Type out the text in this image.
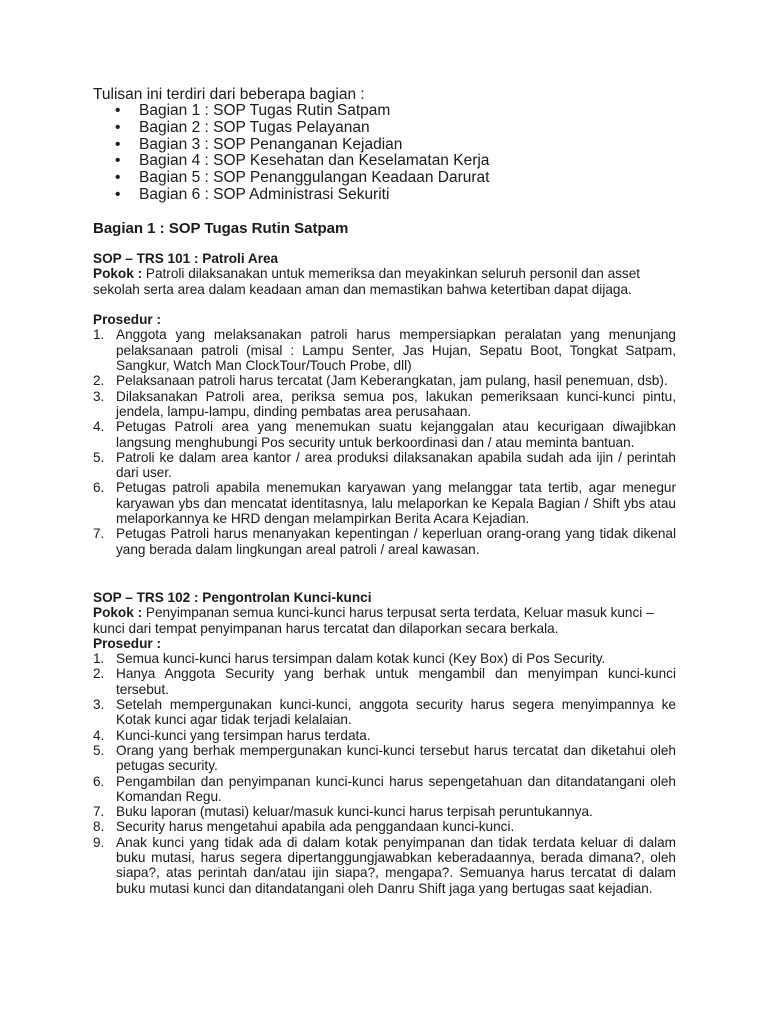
Tulisan ini terdiri dari beberapa bagian :

• Bagian 1 : SOP Tugas Rutin Satpam
• Bagian 2 : SOP Tugas Pelayanan
• Bagian 3 : SOP Penanganan Kejadian
• Bagian 4 : SOP Kesehatan dan Keselamatan Kerja
• Bagian 5 : SOP Penanggulangan Keadaan Darurat
• Bagian 6 : SOP Administrasi Sekuriti
Bagian 1 : SOP Tugas Rutin Satpam

SOP – TRS 101 : Patroli Area

Pokok : Patroli dilaksanakan untuk memeriksa dan meyakinkan seluruh personil dan asset sekolah serta area dalam keadaan aman dan memastikan bahwa ketertiban dapat dijaga.

Prosedur :

1. Anggota yang melaksanakan patroli harus mempersiapkan peralatan yang menunjang pelaksanaan patroli (misal : Lampu Senter, Jas Hujan, Sepatu Boot, Tongkat Satpam, Sangkur, Watch Man ClockTour/Touch Probe, dll)
2. Pelaksanaan patroli harus tercatat (Jam Keberangkatan, jam pulang, hasil penemuan, dsb).
3. Dilaksanakan Patroli area, periksa semua pos, lakukan pemeriksaan kunci-kunci pintu, jendela, lampu-lampu, dinding pembatas area perusahaan.
4. Petugas Patroli area yang menemukan suatu kejanggalan atau kecurigaan diwajibkan langsung menghubungi Pos security untuk berkoordinasi dan / atau meminta bantuan.
5. Patroli ke dalam area kantor / area produksi dilaksanakan apabila sudah ada ijin / perintah dari user.
6. Petugas patroli apabila menemukan karyawan yang melanggar tata tertib, agar menegur karyawan ybs dan mencatat identitasnya, lalu melaporkan ke Kepala Bagian / Shift ybs atau melaporkannya ke HRD dengan melampirkan Berita Acara Kejadian.
7. Petugas Patroli harus menanyakan kepentingan / keperluan orang-orang yang tidak dikenal yang berada dalam lingkungan areal patroli / areal kawasan.

SOP – TRS 102 : Pengontrolan Kunci-kunci

Pokok : Penyimpanan semua kunci-kunci harus terpusat serta terdata, Keluar masuk kunci – kunci dari tempat penyimpanan harus tercatat dan dilaporkan secara berkala.

Prosedur :

1. Semua kunci-kunci harus tersimpan dalam kotak kunci (Key Box) di Pos Security.
2. Hanya Anggota Security yang berhak untuk mengambil dan menyimpan kunci-kunci tersebut.
3. Setelah mempergunakan kunci-kunci, anggota security harus segera menyimpannya ke Kotak kunci agar tidak terjadi kelalaian.
4. Kunci-kunci yang tersimpan harus terdata.
5. Orang yang berhak mempergunakan kunci-kunci tersebut harus tercatat dan diketahui oleh petugas security.
6. Pengambilan dan penyimpanan kunci-kunci harus sepengetahuan dan ditandatangani oleh Komandan Regu.
7. Buku laporan (mutasi) keluar/masuk kunci-kunci harus terpisah peruntukannya.
8. Security harus mengetahui apabila ada penggandaan kunci-kunci.
9. Anak kunci yang tidak ada di dalam kotak penyimpanan dan tidak terdata keluar di dalam buku mutasi, harus segera dipertanggungjawabkan keberadaannya, berada dimana?, oleh siapa?, atas perintah dan/atau ijin siapa?, mengapa?. Semuanya harus tercatat di dalam buku mutasi kunci dan ditandatangani oleh Danru Shift jaga yang bertugas saat kejadian.
